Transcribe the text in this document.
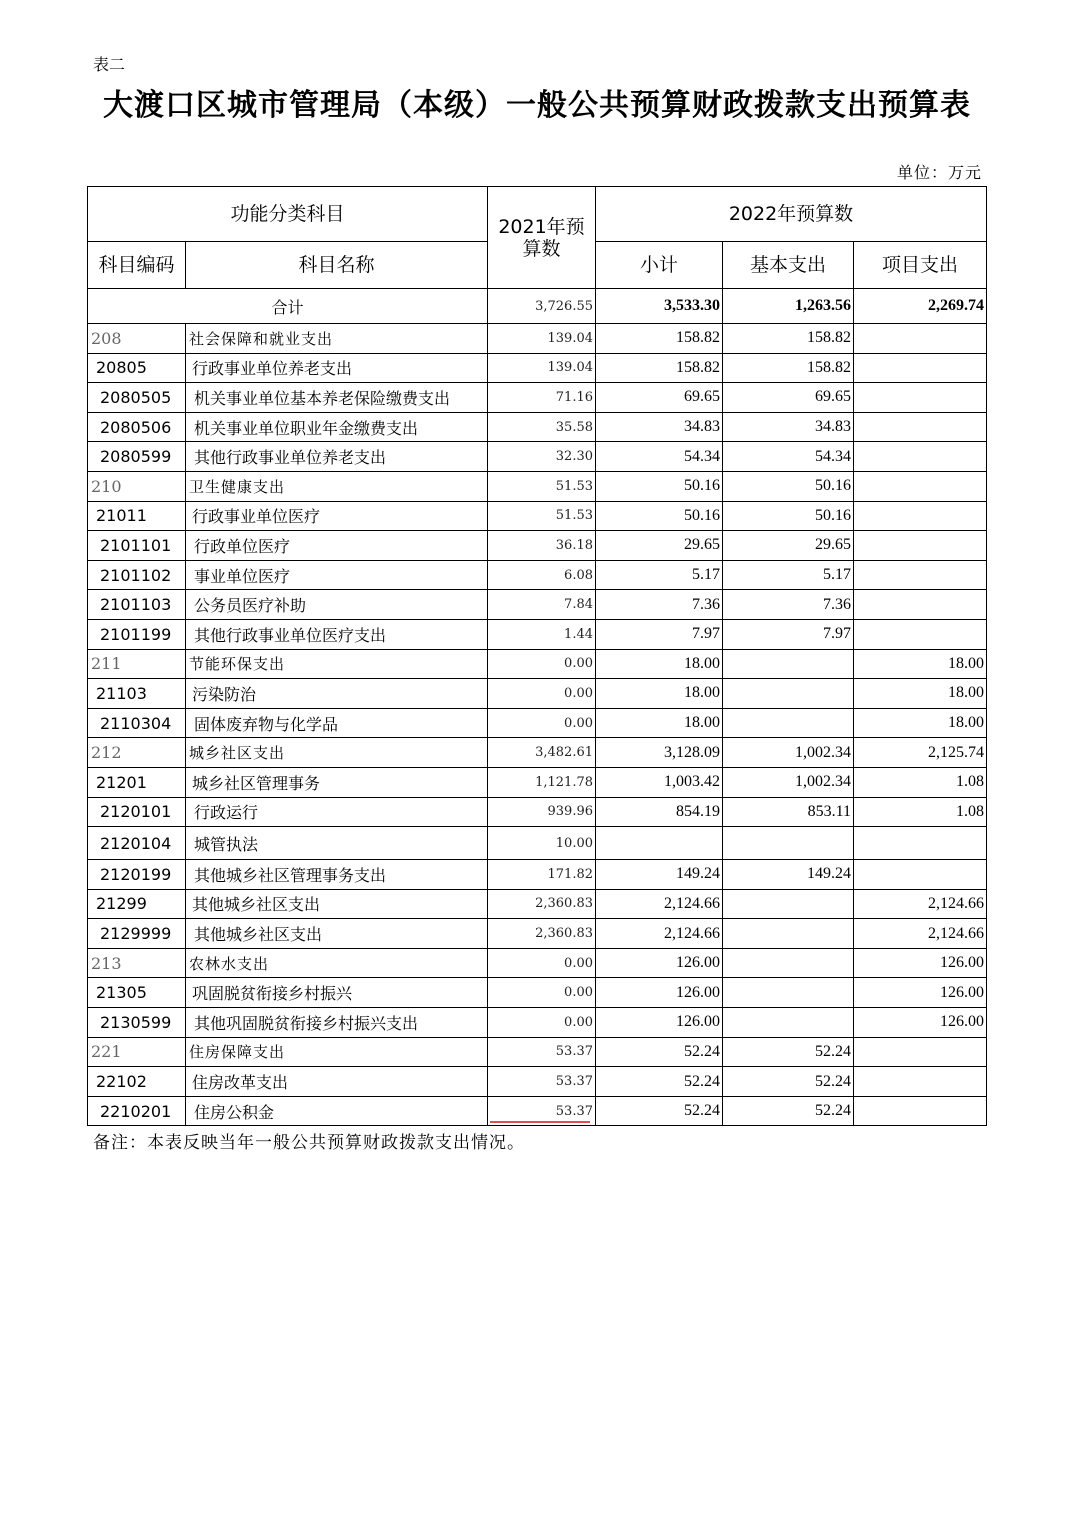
表二
大渡口区城市管理局（本级）一般公共预算财政拨款支出预算表
单位：万元
功能分类科目		2021年预算数	2022年预算数		
科目编码	科目名称		小计	基本支出	项目支出
合计		3,726.55	3,533.30	1,263.56	2,269.74
208	社会保障和就业支出	139.04	158.82	158.82	
20805	行政事业单位养老支出	139.04	158.82	158.82	
2080505	机关事业单位基本养老保险缴费支出	71.16	69.65	69.65	
2080506	机关事业单位职业年金缴费支出	35.58	34.83	34.83	
2080599	其他行政事业单位养老支出	32.30	54.34	54.34	
210	卫生健康支出	51.53	50.16	50.16	
21011	行政事业单位医疗	51.53	50.16	50.16	
2101101	行政单位医疗	36.18	29.65	29.65	
2101102	事业单位医疗	6.08	5.17	5.17	
2101103	公务员医疗补助	7.84	7.36	7.36	
2101199	其他行政事业单位医疗支出	1.44	7.97	7.97	
211	节能环保支出	0.00	18.00		18.00
21103	污染防治	0.00	18.00		18.00
2110304	固体废弃物与化学品	0.00	18.00		18.00
212	城乡社区支出	3,482.61	3,128.09	1,002.34	2,125.74
21201	城乡社区管理事务	1,121.78	1,003.42	1,002.34	1.08
2120101	行政运行	939.96	854.19	853.11	1.08
2120104	城管执法	10.00			
2120199	其他城乡社区管理事务支出	171.82	149.24	149.24	
21299	其他城乡社区支出	2,360.83	2,124.66		2,124.66
2129999	其他城乡社区支出	2,360.83	2,124.66		2,124.66
213	农林水支出	0.00	126.00		126.00
21305	巩固脱贫衔接乡村振兴	0.00	126.00		126.00
2130599	其他巩固脱贫衔接乡村振兴支出	0.00	126.00		126.00
221	住房保障支出	53.37	52.24	52.24	
22102	住房改革支出	53.37	52.24	52.24	
2210201	住房公积金	53.37	52.24	52.24	
备注：本表反映当年一般公共预算财政拨款支出情况。
